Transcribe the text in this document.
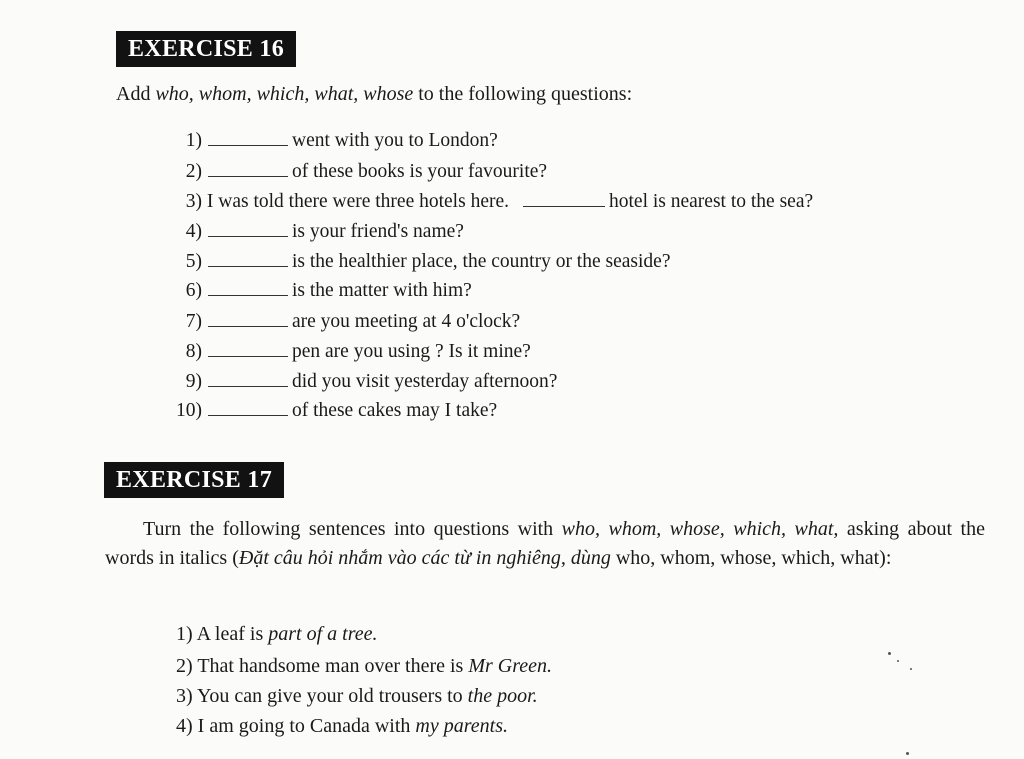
EXERCISE 16
Add who, whom, which, what, whose to the following questions:
1)	went with you to London?
2)	of these books is your favourite?
3) I was told there were three hotels here.	hotel is nearest to the sea?
4)	is your friend's name?
5)	is the healthier place, the country or the seaside?
6)	is the matter with him?
7)	are you meeting at 4 o'clock?
8)	pen are you using ? Is it mine?
9)	did you visit yesterday afternoon?
10)	of these cakes may I take?
EXERCISE 17
Turn the following sentences into questions with who, whom, whose, which, what, asking about the words in italics (Đặt câu hỏi nhắm vào các từ in nghiêng, dùng who, whom, whose, which, what):
1) A leaf is part of a tree.
2) That handsome man over there is Mr Green.
3) You can give your old trousers to the poor.
4) I am going to Canada with my parents.
